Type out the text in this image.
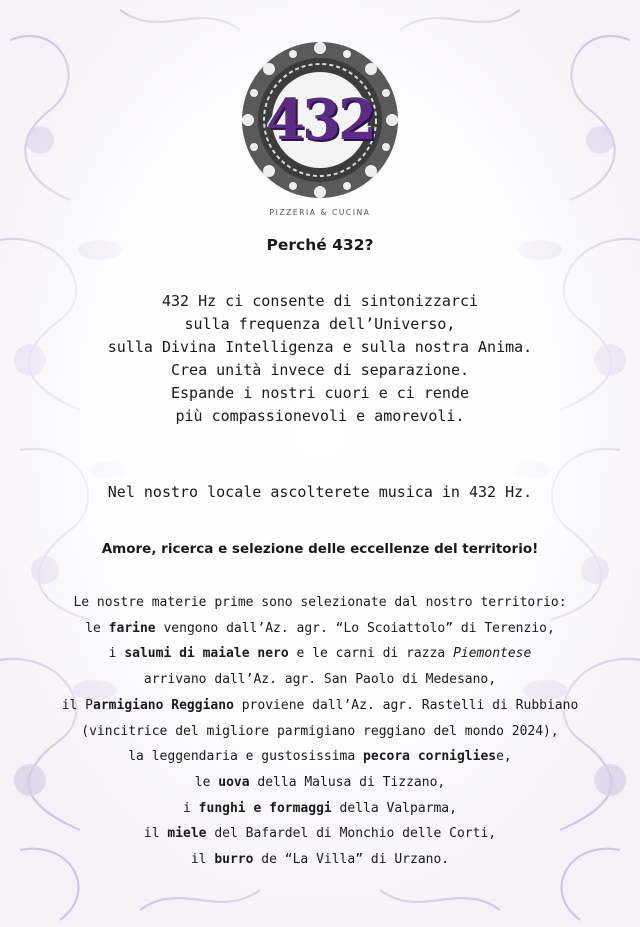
432
PIZZERIA & CUCINA
Perché 432?
432 Hz ci consente di sintonizzarci
sulla frequenza dell’Universo,
sulla Divina Intelligenza e sulla nostra Anima.
Crea unità invece di separazione.
Espande i nostri cuori e ci rende
più compassionevoli e amorevoli.
Nel nostro locale ascolterete musica in 432 Hz.
Amore, ricerca e selezione delle eccellenze del territorio!
Le nostre materie prime sono selezionate dal nostro territorio:
le farine vengono dall’Az. agr. “Lo Scoiattolo” di Terenzio,
i salumi di maiale nero e le carni di razza Piemontese
arrivano dall’Az. agr. San Paolo di Medesano,
il Parmigiano Reggiano proviene dall’Az. agr. Rastelli di Rubbiano
(vincitrice del migliore parmigiano reggiano del mondo 2024),
la leggendaria e gustosissima pecora cornigliese,
le uova della Malusa di Tizzano,
i funghi e formaggi della Valparma,
il miele del Bafardel di Monchio delle Corti,
il burro de “La Villa” di Urzano.
